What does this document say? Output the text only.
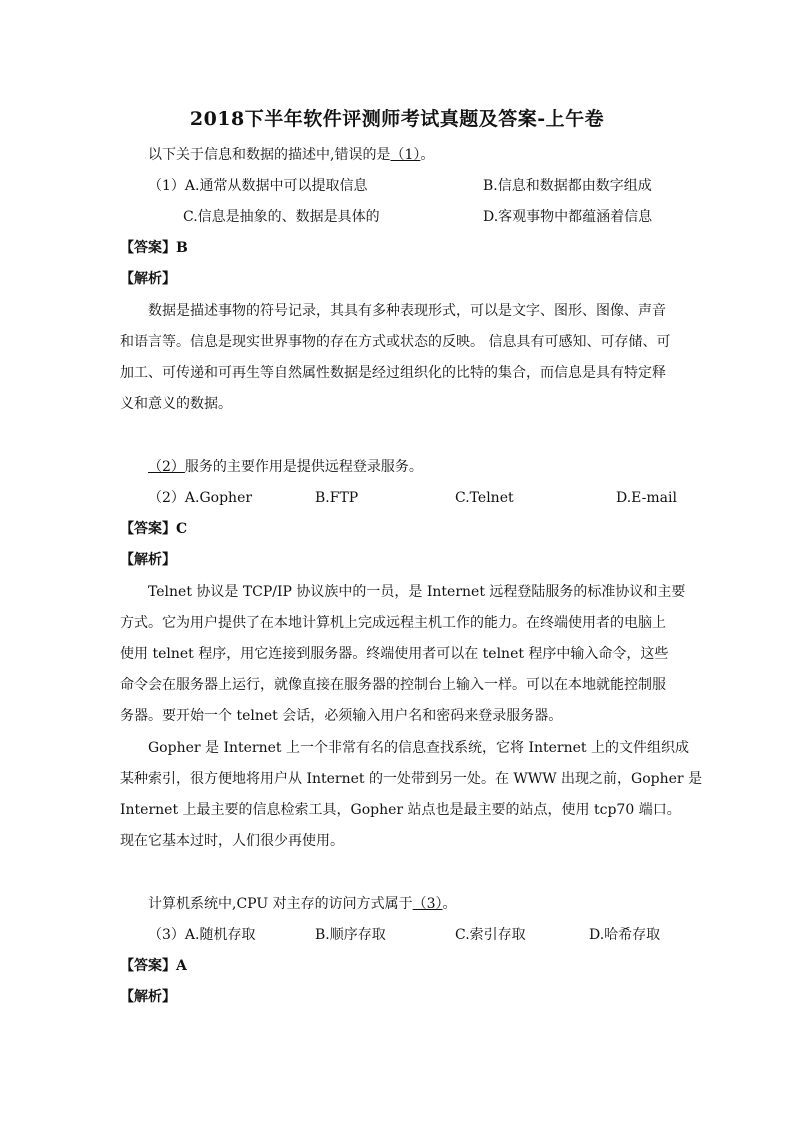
2018下半年软件评测师考试真题及答案-上午卷
以下关于信息和数据的描述中,错误的是（1）。
（1）A.通常从数据中可以提取信息	B.信息和数据都由数字组成
C.信息是抽象的、数据是具体的	D.客观事物中都蕴涵着信息
【答案】B
【解析】
数据是描述事物的符号记录，其具有多种表现形式，可以是文字、图形、图像、声音
和语言等。信息是现实世界事物的存在方式或状态的反映。 信息具有可感知、可存储、可
加工、可传递和可再生等自然属性数据是经过组织化的比特的集合，而信息是具有特定释
义和意义的数据。
（2）服务的主要作用是提供远程登录服务。
（2）A.Gopher	B.FTP	C.Telnet	D.E-mail
【答案】C
【解析】
Telnet 协议是 TCP/IP 协议族中的一员，是 Internet 远程登陆服务的标准协议和主要
方式。它为用户提供了在本地计算机上完成远程主机工作的能力。在终端使用者的电脑上
使用 telnet 程序，用它连接到服务器。终端使用者可以在 telnet 程序中输入命令，这些
命令会在服务器上运行，就像直接在服务器的控制台上输入一样。可以在本地就能控制服
务器。要开始一个 telnet 会话，必须输入用户名和密码来登录服务器。
Gopher 是 Internet 上一个非常有名的信息查找系统，它将 Internet 上的文件组织成
某种索引，很方便地将用户从 Internet 的一处带到另一处。在 WWW 出现之前，Gopher 是
Internet 上最主要的信息检索工具，Gopher 站点也是最主要的站点，使用 tcp70 端口。
现在它基本过时，人们很少再使用。
计算机系统中,CPU 对主存的访问方式属于（3）。
（3）A.随机存取	B.顺序存取	C.索引存取	D.哈希存取
【答案】A
【解析】
